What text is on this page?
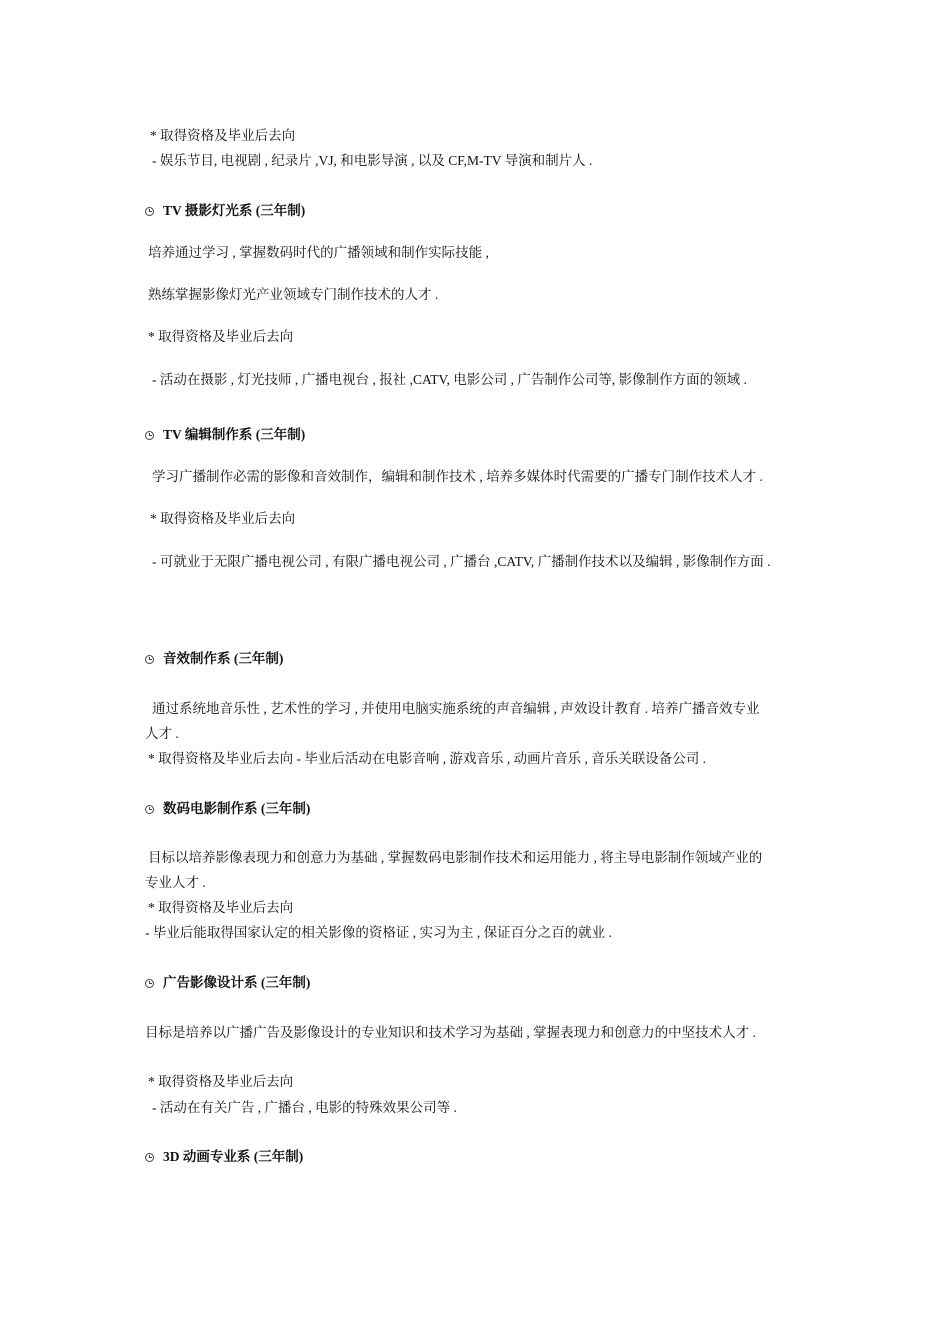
* 取得资格及毕业后去向
- 娱乐节目, 电视剧 , 纪录片 ,VJ, 和电影导演 , 以及 CF,M-TV 导演和制片人 .
TV 摄影灯光系 (三年制)
培养通过学习 , 掌握数码时代的广播领域和制作实际技能 ,
熟练掌握影像灯光产业领域专门制作技术的人才 .
* 取得资格及毕业后去向
- 活动在摄影 , 灯光技师 , 广播电视台 , 报社 ,CATV, 电影公司 , 广告制作公司等, 影像制作方面的领域 .
TV 编辑制作系 (三年制)
学习广播制作必需的影像和音效制作，编辑和制作技术 , 培养多媒体时代需要的广播专门制作技术人才 .
* 取得资格及毕业后去向
- 可就业于无限广播电视公司 , 有限广播电视公司 , 广播台 ,CATV, 广播制作技术以及编辑 , 影像制作方面 .
音效制作系 (三年制)
通过系统地音乐性 , 艺术性的学习 , 并使用电脑实施系统的声音编辑 , 声效设计教育 . 培养广播音效专业
人才 .
* 取得资格及毕业后去向 - 毕业后活动在电影音响 , 游戏音乐 , 动画片音乐 , 音乐关联设备公司 .
数码电影制作系 (三年制)
目标以培养影像表现力和创意力为基础 , 掌握数码电影制作技术和运用能力 , 将主导电影制作领域产业的
专业人才 .
* 取得资格及毕业后去向
- 毕业后能取得国家认定的相关影像的资格证 , 实习为主 , 保证百分之百的就业 .
广告影像设计系 (三年制)
目标是培养以广播广告及影像设计的专业知识和技术学习为基础 , 掌握表现力和创意力的中坚技术人才 .
* 取得资格及毕业后去向
- 活动在有关广告 , 广播台 , 电影的特殊效果公司等 .
3D 动画专业系 (三年制)
